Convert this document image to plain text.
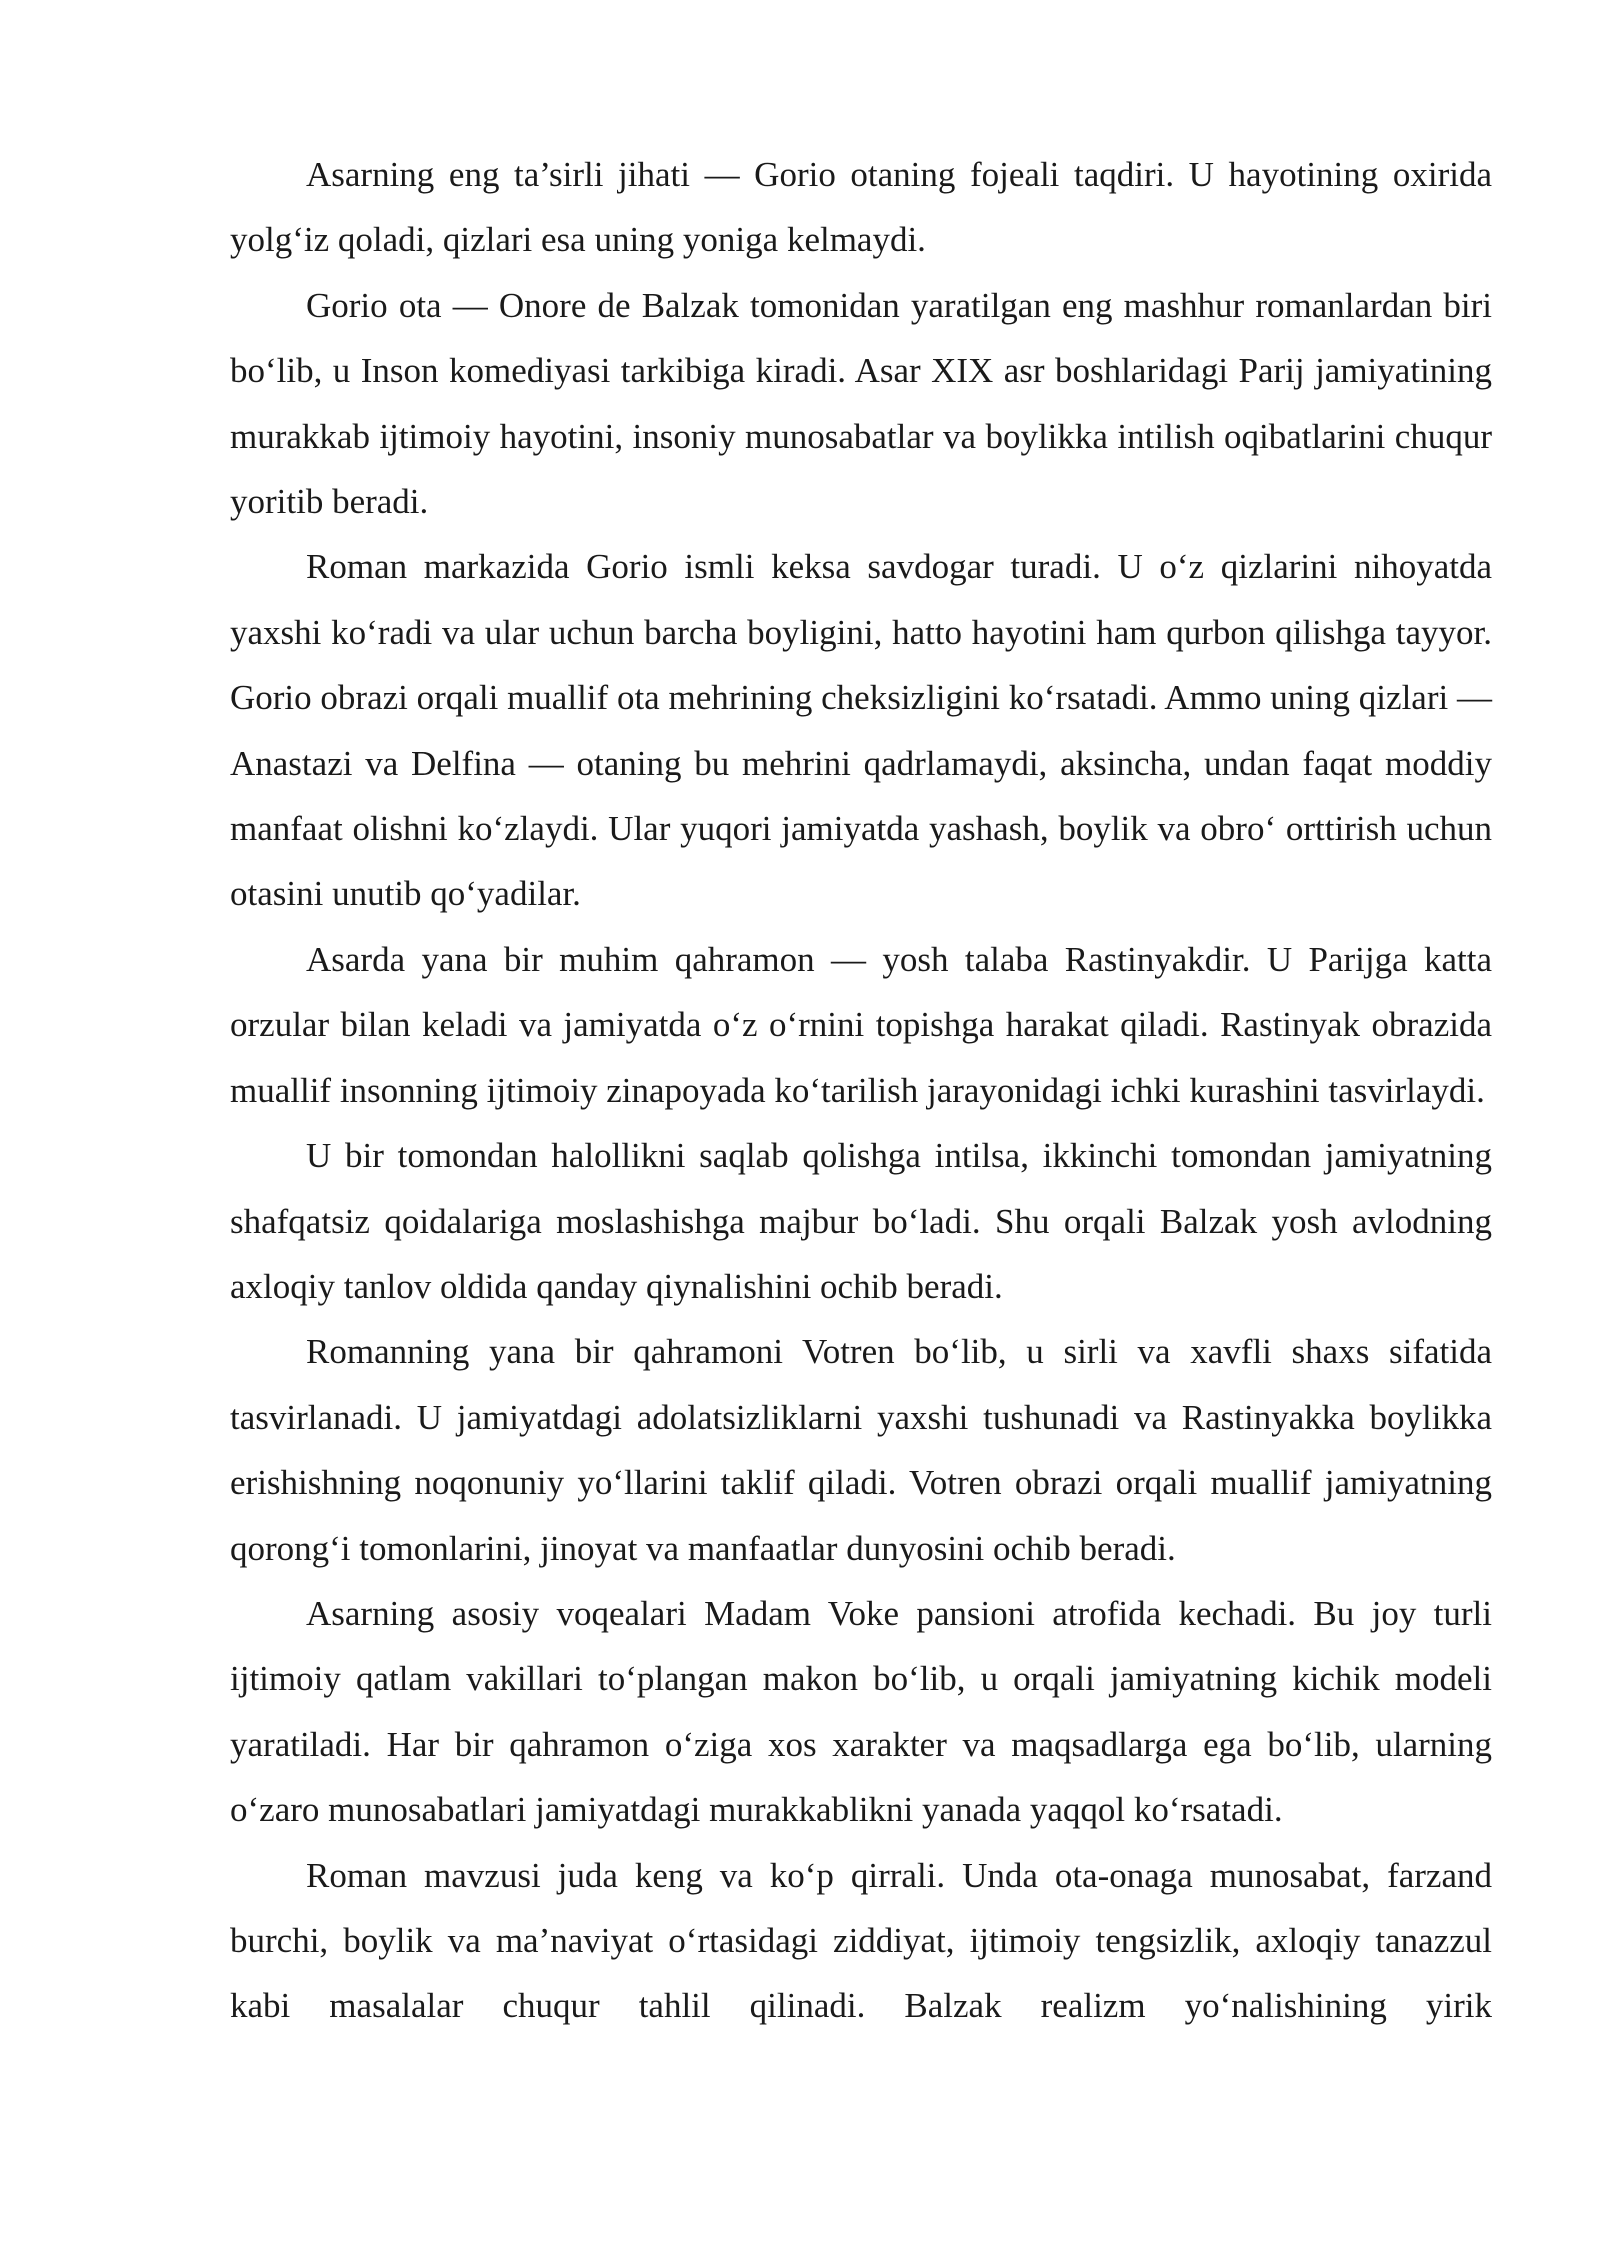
Asarning eng ta’sirli jihati — Gorio otaning fojeali taqdiri. U hayotining oxirida yolg‘iz qoladi, qizlari esa uning yoniga kelmaydi.

Gorio ota — Onore de Balzak tomonidan yaratilgan eng mashhur romanlardan biri bo‘lib, u Inson komediyasi tarkibiga kiradi. Asar XIX asr boshlaridagi Parij jamiyatining murakkab ijtimoiy hayotini, insoniy munosabatlar va boylikka intilish oqibatlarini chuqur yoritib beradi.

Roman markazida Gorio ismli keksa savdogar turadi. U o‘z qizlarini nihoyatda yaxshi ko‘radi va ular uchun barcha boyligini, hatto hayotini ham qurbon qilishga tayyor. Gorio obrazi orqali muallif ota mehrining cheksizligini ko‘rsatadi. Ammo uning qizlari — Anastazi va Delfina — otaning bu mehrini qadrlamaydi, aksincha, undan faqat moddiy manfaat olishni ko‘zlaydi. Ular yuqori jamiyatda yashash, boylik va obro‘ orttirish uchun otasini unutib qo‘yadilar.

Asarda yana bir muhim qahramon — yosh talaba Rastinyakdir. U Parijga katta orzular bilan keladi va jamiyatda o‘z o‘rnini topishga harakat qiladi. Rastinyak obrazida muallif insonning ijtimoiy zinapoyada ko‘tarilish jarayonidagi ichki kurashini tasvirlaydi.

U bir tomondan halollikni saqlab qolishga intilsa, ikkinchi tomondan jamiyatning shafqatsiz qoidalariga moslashishga majbur bo‘ladi. Shu orqali Balzak yosh avlodning axloqiy tanlov oldida qanday qiynalishini ochib beradi.

Romanning yana bir qahramoni Votren bo‘lib, u sirli va xavfli shaxs sifatida tasvirlanadi. U jamiyatdagi adolatsizliklarni yaxshi tushunadi va Rastinyakka boylikka erishishning noqonuniy yo‘llarini taklif qiladi. Votren obrazi orqali muallif jamiyatning qorong‘i tomonlarini, jinoyat va manfaatlar dunyosini ochib beradi.

Asarning asosiy voqealari Madam Voke pansioni atrofida kechadi. Bu joy turli ijtimoiy qatlam vakillari to‘plangan makon bo‘lib, u orqali jamiyatning kichik modeli yaratiladi. Har bir qahramon o‘ziga xos xarakter va maqsadlarga ega bo‘lib, ularning o‘zaro munosabatlari jamiyatdagi murakkablikni yanada yaqqol ko‘rsatadi.

Roman mavzusi juda keng va ko‘p qirrali. Unda ota-onaga munosabat, farzand burchi, boylik va ma’naviyat o‘rtasidagi ziddiyat, ijtimoiy tengsizlik, axloqiy tanazzul kabi masalalar chuqur tahlil qilinadi. Balzak realizm yo‘nalishining yirik
